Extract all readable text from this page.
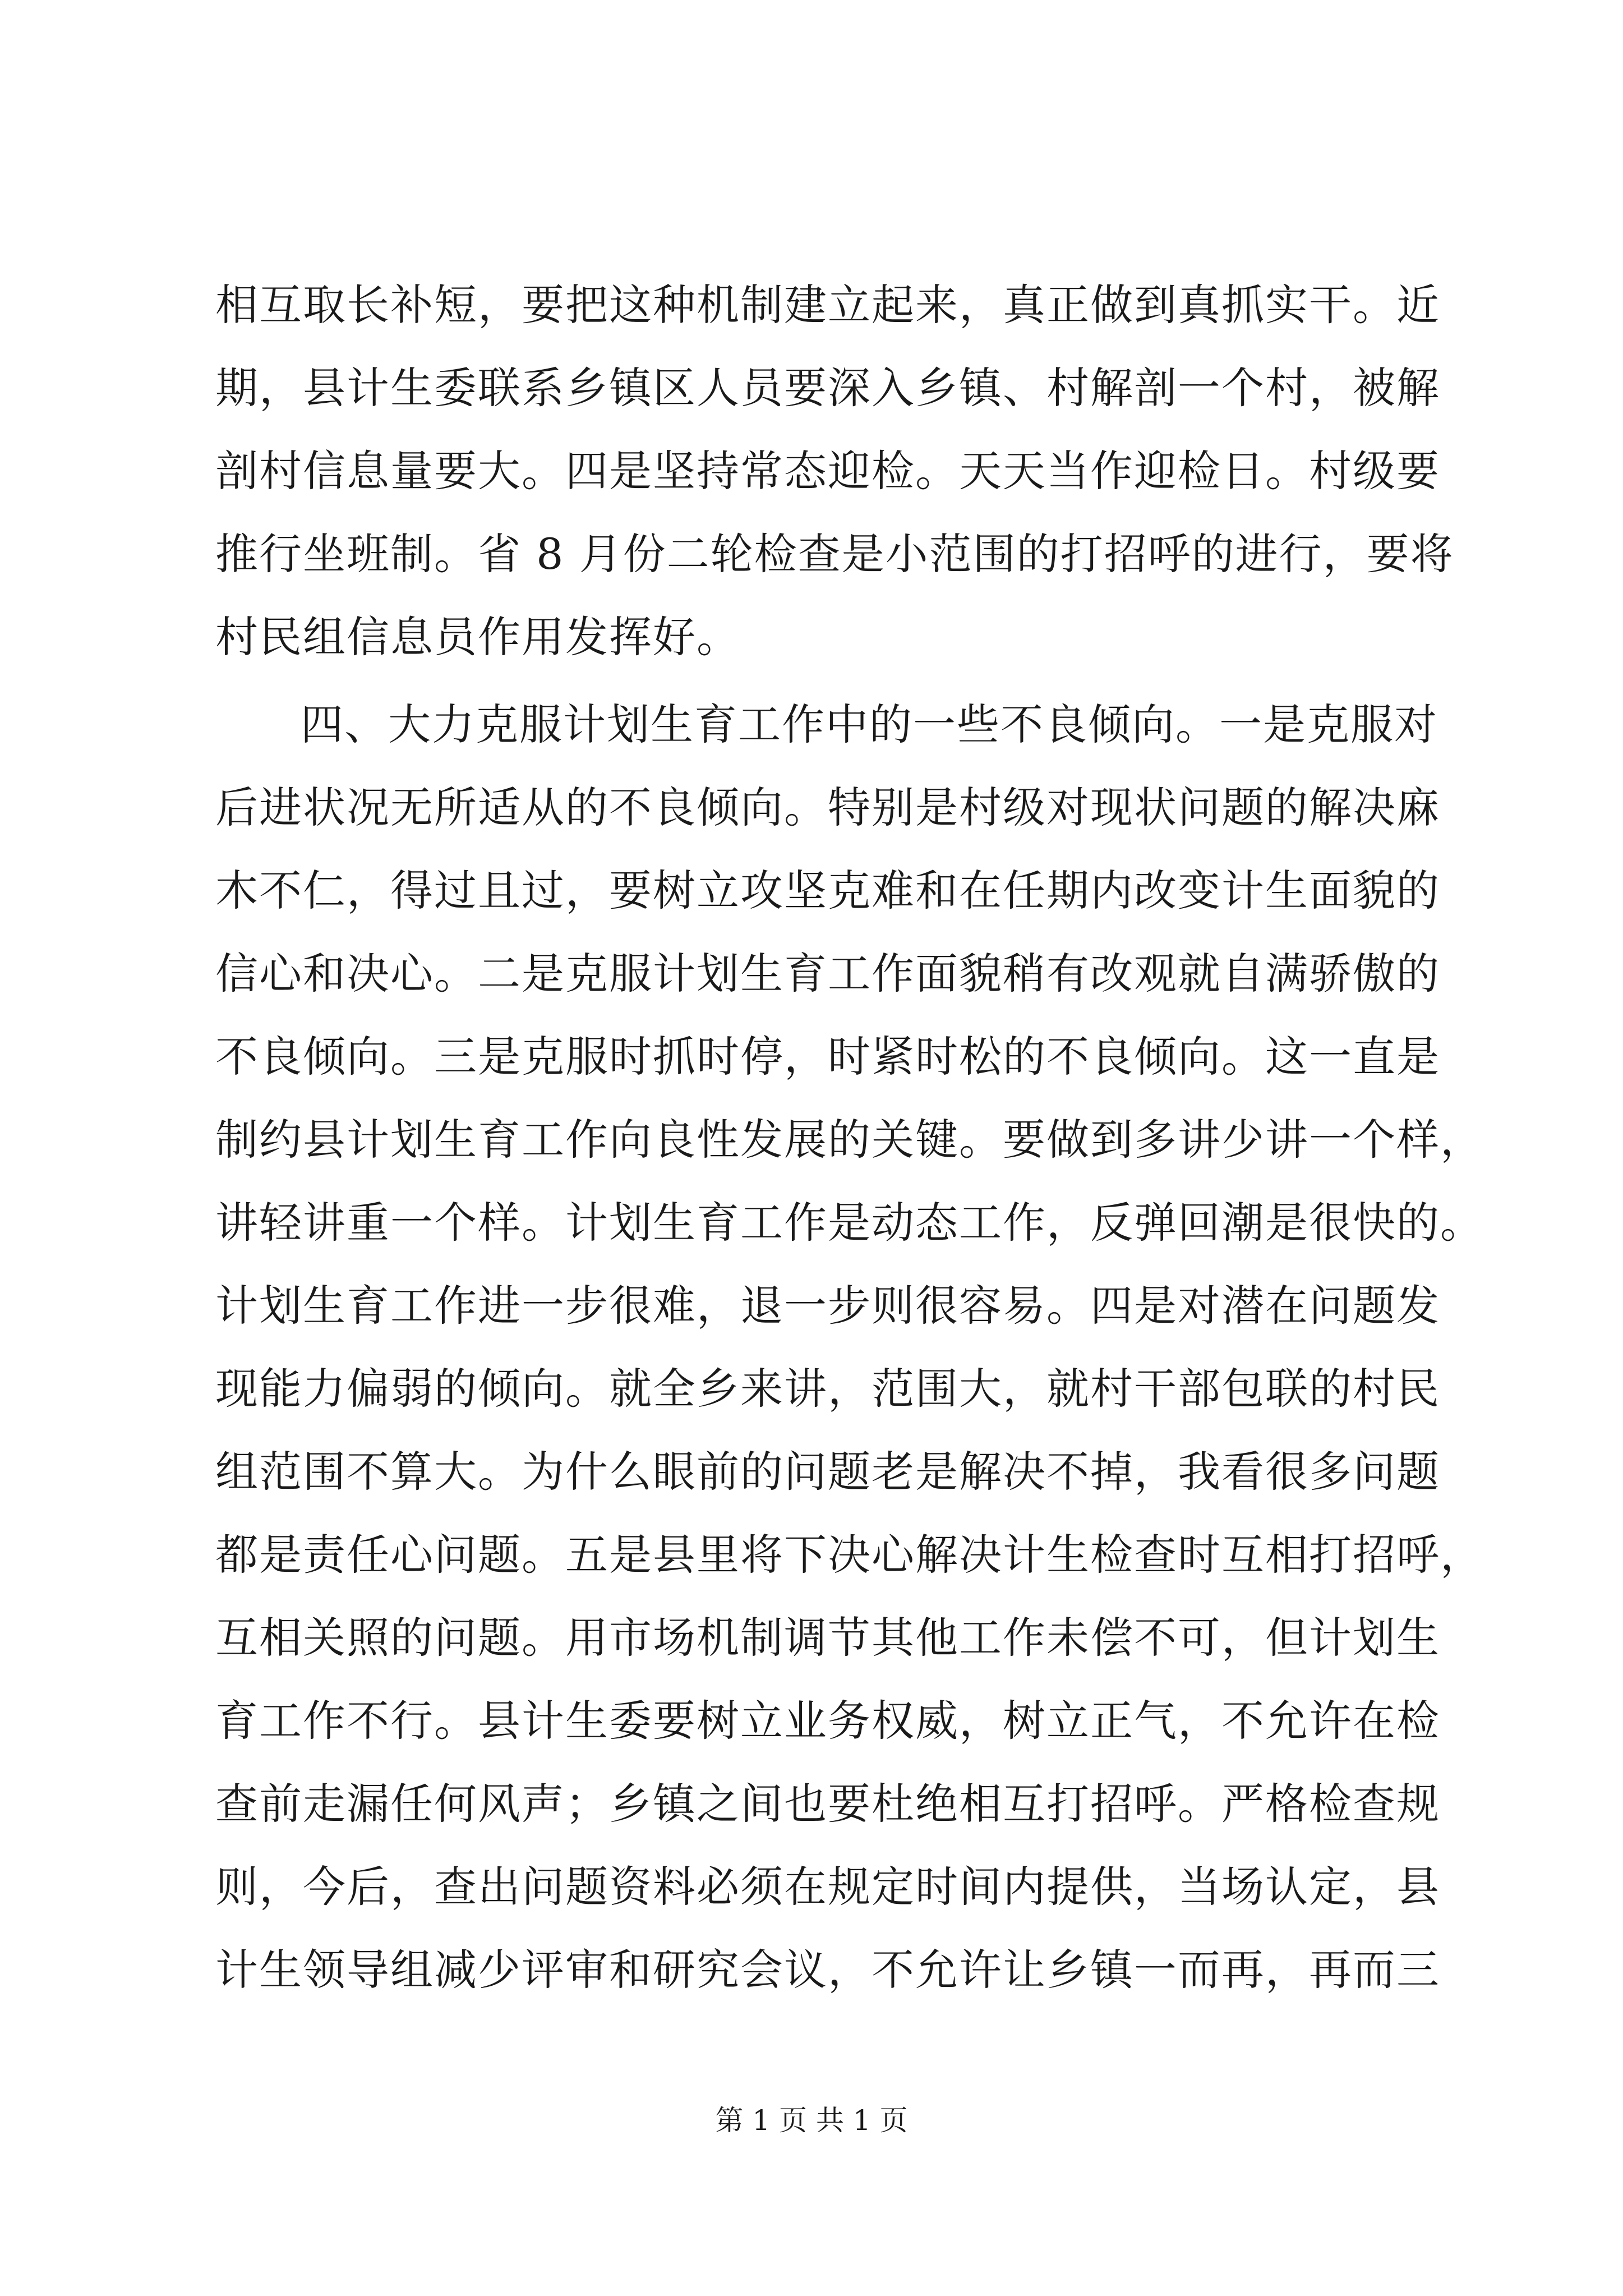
相互取长补短，要把这种机制建立起来，真正做到真抓实干。近
期，县计生委联系乡镇区人员要深入乡镇、村解剖一个村，被解
剖村信息量要大。四是坚持常态迎检。天天当作迎检日。村级要
推行坐班制。省 8 月份二轮检查是小范围的打招呼的进行，要将
村民组信息员作用发挥好。
四、大力克服计划生育工作中的一些不良倾向。一是克服对
后进状况无所适从的不良倾向。特别是村级对现状问题的解决麻
木不仁，得过且过，要树立攻坚克难和在任期内改变计生面貌的
信心和决心。二是克服计划生育工作面貌稍有改观就自满骄傲的
不良倾向。三是克服时抓时停，时紧时松的不良倾向。这一直是
制约县计划生育工作向良性发展的关键。要做到多讲少讲一个样，
讲轻讲重一个样。计划生育工作是动态工作，反弹回潮是很快的。
计划生育工作进一步很难，退一步则很容易。四是对潜在问题发
现能力偏弱的倾向。就全乡来讲，范围大，就村干部包联的村民
组范围不算大。为什么眼前的问题老是解决不掉，我看很多问题
都是责任心问题。五是县里将下决心解决计生检查时互相打招呼，
互相关照的问题。用市场机制调节其他工作未偿不可，但计划生
育工作不行。县计生委要树立业务权威，树立正气，不允许在检
查前走漏任何风声；乡镇之间也要杜绝相互打招呼。严格检查规
则，今后，查出问题资料必须在规定时间内提供，当场认定，县
计生领导组减少评审和研究会议，不允许让乡镇一而再，再而三
第 1 页 共 1 页
